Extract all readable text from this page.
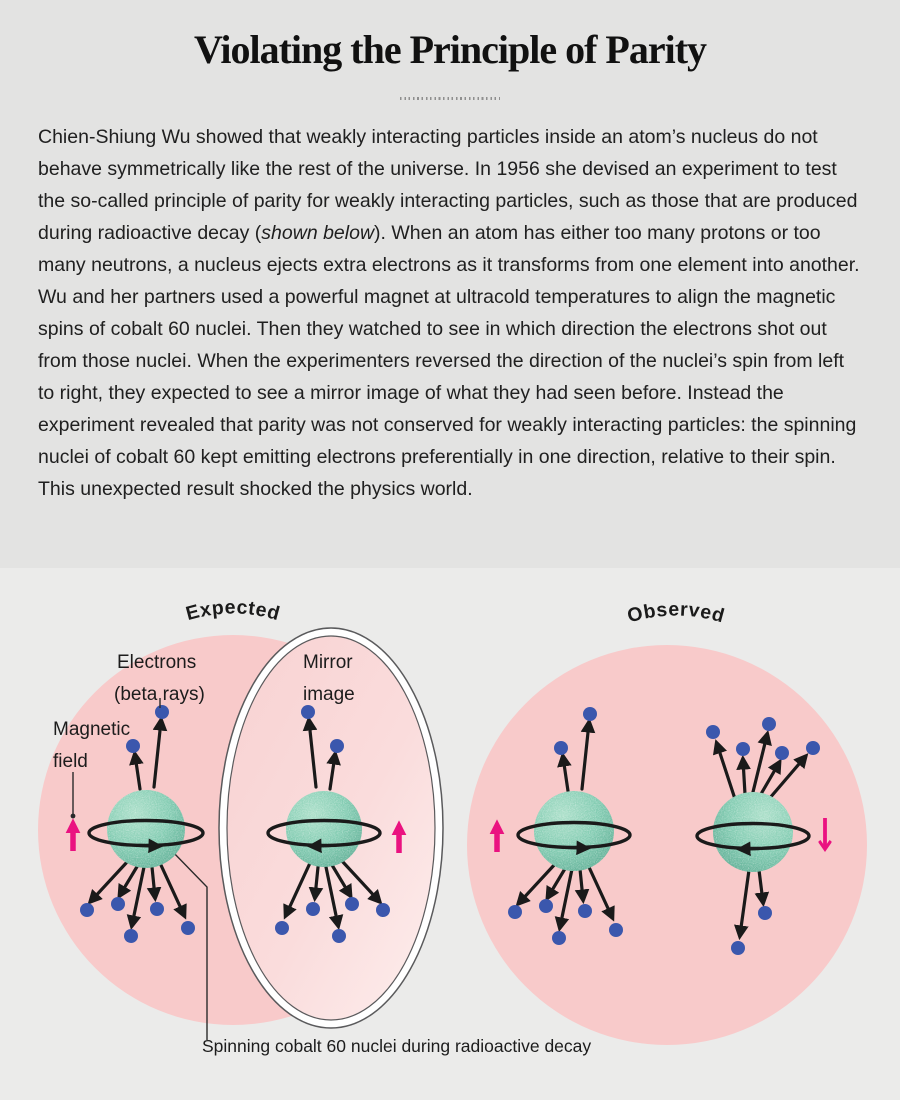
Violating the Principle of Parity

Chien-Shiung Wu showed that weakly interacting particles inside an atom’s nucleus do not behave symmetrically like the rest of the universe. In 1956 she devised an experiment to test the so-called principle of parity for weakly interacting particles, such as those that are produced during radioactive decay (shown below). When an atom has either too many protons or too many neutrons, a nucleus ejects extra electrons as it transforms from one element into another. Wu and her partners used a powerful magnet at ultracold temperatures to align the magnetic spins of cobalt 60 nuclei. Then they watched to see in which direction the electrons shot out from those nuclei. When the experimenters reversed the direction of the nuclei’s spin from left to right, they expected to see a mirror image of what they had seen before. Instead the experiment revealed that parity was not conserved for weakly interacting particles: the spinning nuclei of cobalt 60 kept emitting electrons preferentially in one direction, relative to their spin. This unexpected result shocked the physics world.

Expected
Electrons
(beta rays)
Magnetic
field
Mirror
image
Observed
Spinning cobalt 60 nuclei during radioactive decay
